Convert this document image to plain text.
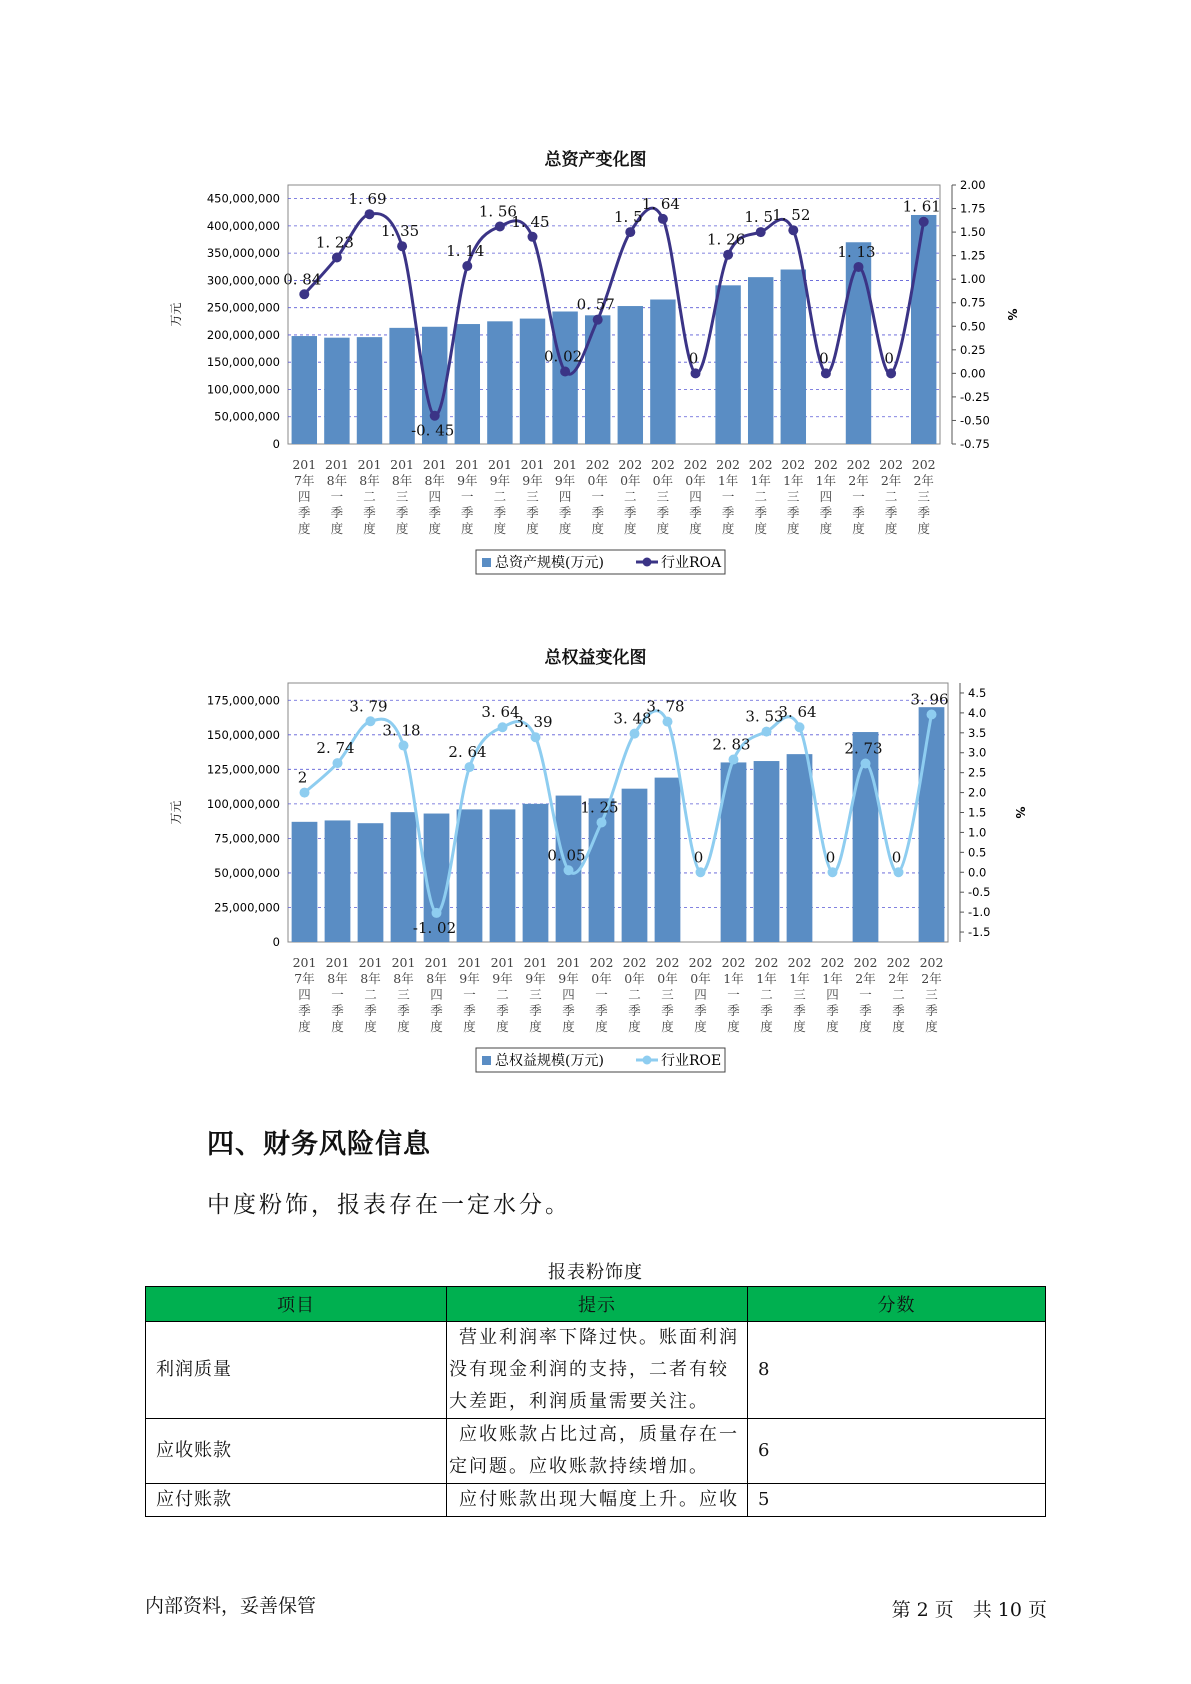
总资产变化图
0
50,000,000
100,000,000
150,000,000
200,000,000
250,000,000
300,000,000
350,000,000
400,000,000
450,000,000
-0.75
-0.50
-0.25
0.00
0.25
0.50
0.75
1.00
1.25
1.50
1.75
2.00
万元	%
0. 84
1. 23
1. 69
1. 35
-0. 45
1. 14
1. 56
1. 45
0. 02
0. 57
1. 5
1. 64
0
1. 26
1. 5 1. 52
0
1. 13
0
1. 61
201
7年
四
季
度
201
8年
一
季
度
201
8年
二
季
度
201
8年
三
季
度
201
8年
四
季
度
201
9年
一
季
度
201
9年
二
季
度
201
9年
三
季
度
201
9年
四
季
度
202
0年
一
季
度
202
0年
二
季
度
202
0年
三
季
度
202
0年
四
季
度
202
1年
一
季
度
202
1年
二
季
度
202
1年
三
季
度
202
1年
四
季
度
202
2年
一
季
度
202
2年
二
季
度
202
2年
三
季
度
总资产规模(万元)	行业ROA
总权益变化图
0
25,000,000
50,000,000
75,000,000
100,000,000
125,000,000
150,000,000
175,000,000
-1.5
-1.0
-0.5
0.0
0.5
1.0
1.5
2.0
2.5
3.0
3.5
4.0
4.5
万元	%
2
2. 74
3. 79
3. 18
-1. 02
2. 64
3. 64
3. 39
0. 05
1. 25
3. 48
3. 78
0
2. 83
3. 53
3. 64
0
2. 73
0
3. 96
201
7年
四
季
度
201
8年
一
季
度
201
8年
二
季
度
201
8年
三
季
度
201
8年
四
季
度
201
9年
一
季
度
201
9年
二
季
度
201
9年
三
季
度
201
9年
四
季
度
202
0年
一
季
度
202
0年
二
季
度
202
0年
三
季
度
202
0年
四
季
度
202
1年
一
季
度
202
1年
二
季
度
202
1年
三
季
度
202
1年
四
季
度
202
2年
一
季
度
202
2年
二
季
度
202
2年
三
季
度
总权益规模(万元)	行业ROE
四、财务风险信息
中度粉饰，报表存在一定水分。
报表粉饰度
项目	提示	分数
利润质量	营业利润率下降过快。账面利润没有现金利润的支持，二者有较大差距，利润质量需要关注。	8
应收账款	应收账款占比过高，质量存在一定问题。应收账款持续增加。	6
应付账款	应付账款出现大幅度上升。应收	5
内部资料，妥善保管	第 2 页　共 10 页
